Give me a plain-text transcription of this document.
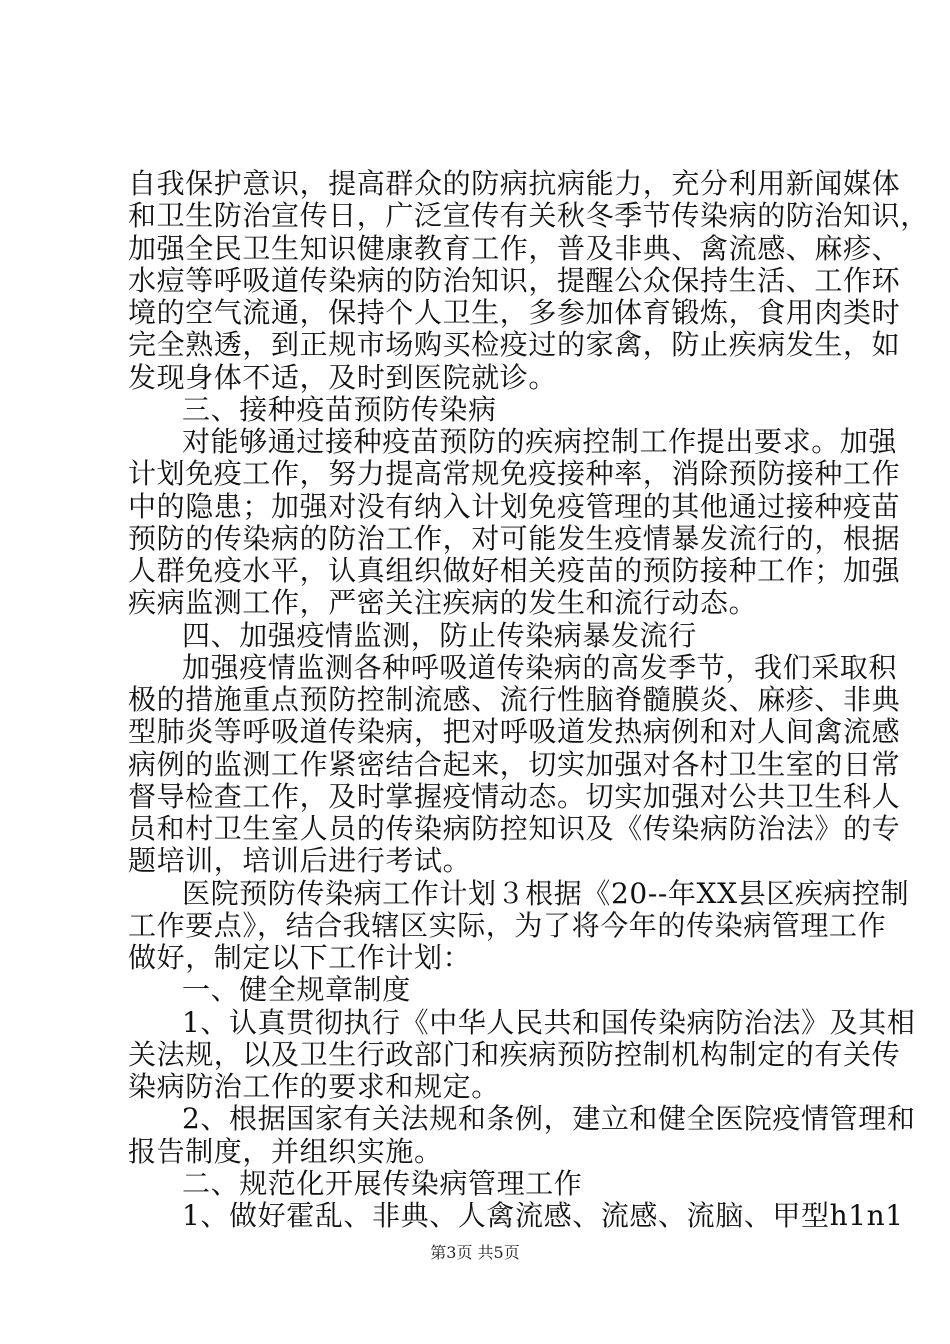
自我保护意识，提高群众的防病抗病能力，充分利用新闻媒体
和卫生防治宣传日，广泛宣传有关秋冬季节传染病的防治知识，
加强全民卫生知识健康教育工作，普及非典、禽流感、麻疹、
水痘等呼吸道传染病的防治知识，提醒公众保持生活、工作环
境的空气流通，保持个人卫生，多参加体育锻炼，食用肉类时
完全熟透，到正规市场购买检疫过的家禽，防止疾病发生，如
发现身体不适，及时到医院就诊。
三、接种疫苗预防传染病
对能够通过接种疫苗预防的疾病控制工作提出要求。加强
计划免疫工作，努力提高常规免疫接种率，消除预防接种工作
中的隐患；加强对没有纳入计划免疫管理的其他通过接种疫苗
预防的传染病的防治工作，对可能发生疫情暴发流行的，根据
人群免疫水平，认真组织做好相关疫苗的预防接种工作；加强
疾病监测工作，严密关注疾病的发生和流行动态。
四、加强疫情监测，防止传染病暴发流行
加强疫情监测各种呼吸道传染病的高发季节，我们采取积
极的措施重点预防控制流感、流行性脑脊髓膜炎、麻疹、非典
型肺炎等呼吸道传染病，把对呼吸道发热病例和对人间禽流感
病例的监测工作紧密结合起来，切实加强对各村卫生室的日常
督导检查工作，及时掌握疫情动态。切实加强对公共卫生科人
员和村卫生室人员的传染病防控知识及《传染病防治法》的专
题培训，培训后进行考试。
医院预防传染病工作计划３根据《20--年XX县区疾病控制
工作要点》，结合我辖区实际，为了将今年的传染病管理工作
做好，制定以下工作计划：
一、健全规章制度
1、认真贯彻执行《中华人民共和国传染病防治法》及其相
关法规，以及卫生行政部门和疾病预防控制机构制定的有关传
染病防治工作的要求和规定。
2、根据国家有关法规和条例，建立和健全医院疫情管理和
报告制度，并组织实施。
二、规范化开展传染病管理工作
1、做好霍乱、非典、人禽流感、流感、流脑、甲型h1n1
第3页 共5页
